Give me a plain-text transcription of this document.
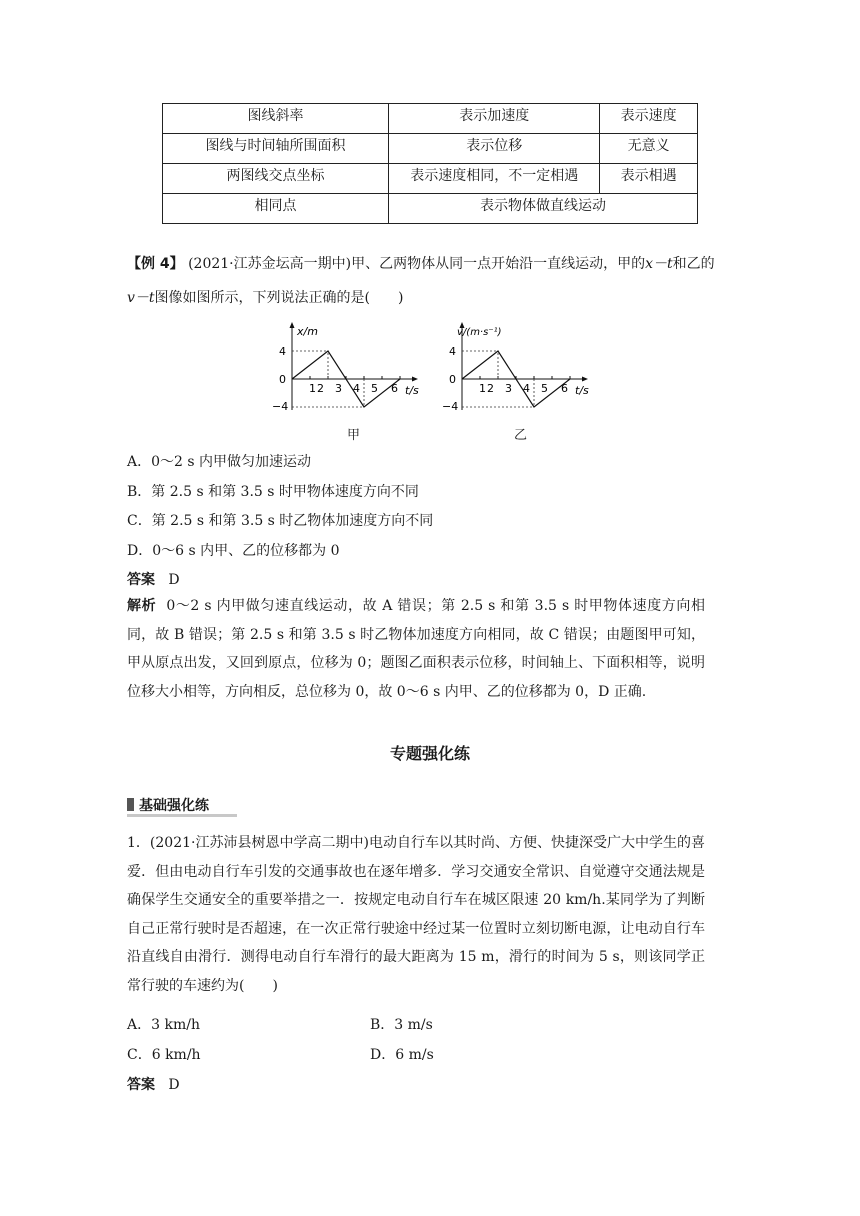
图线斜率	表示加速度	表示速度
图线与时间轴所围面积	表示位移	无意义
两图线交点坐标	表示速度相同，不一定相遇	表示相遇
相同点	表示物体做直线运动	
【例 4】 (2021·江苏金坛高一期中)甲、乙两物体从同一点开始沿一直线运动，甲的x－t和乙的
v－t图像如图所示，下列说法正确的是(　　)
x/m
t/s
4
0
−4
1 2 3 4 5 6
甲
v/(m·s⁻¹)
t/s
4
0
−4
1 2 3 4 5 6
乙
A．0～2 s 内甲做匀加速运动
B．第 2.5 s 和第 3.5 s 时甲物体速度方向不同
C．第 2.5 s 和第 3.5 s 时乙物体加速度方向不同
D．0～6 s 内甲、乙的位移都为 0
答案 D

解析 0～2 s 内甲做匀速直线运动，故 A 错误；第 2.5 s 和第 3.5 s 时甲物体速度方向相同，故 B 错误；第 2.5 s 和第 3.5 s 时乙物体加速度方向相同，故 C 错误；由题图甲可知，甲从原点出发，又回到原点，位移为 0；题图乙面积表示位移，时间轴上、下面积相等，说明位移大小相等，方向相反，总位移为 0，故 0～6 s 内甲、乙的位移都为 0，D 正确.

专题强化练
基础强化练

1．(2021·江苏沛县树恩中学高二期中)电动自行车以其时尚、方便、快捷深受广大中学生的喜爱．但由电动自行车引发的交通事故也在逐年增多．学习交通安全常识、自觉遵守交通法规是确保学生交通安全的重要举措之一．按规定电动自行车在城区限速 20 km/h.某同学为了判断自己正常行驶时是否超速，在一次正常行驶途中经过某一位置时立刻切断电源，让电动自行车沿直线自由滑行．测得电动自行车滑行的最大距离为 15 m，滑行的时间为 5 s，则该同学正常行驶的车速约为(　　)

A．3 km/h	B．3 m/s
C．6 km/h	D．6 m/s
答案 D
